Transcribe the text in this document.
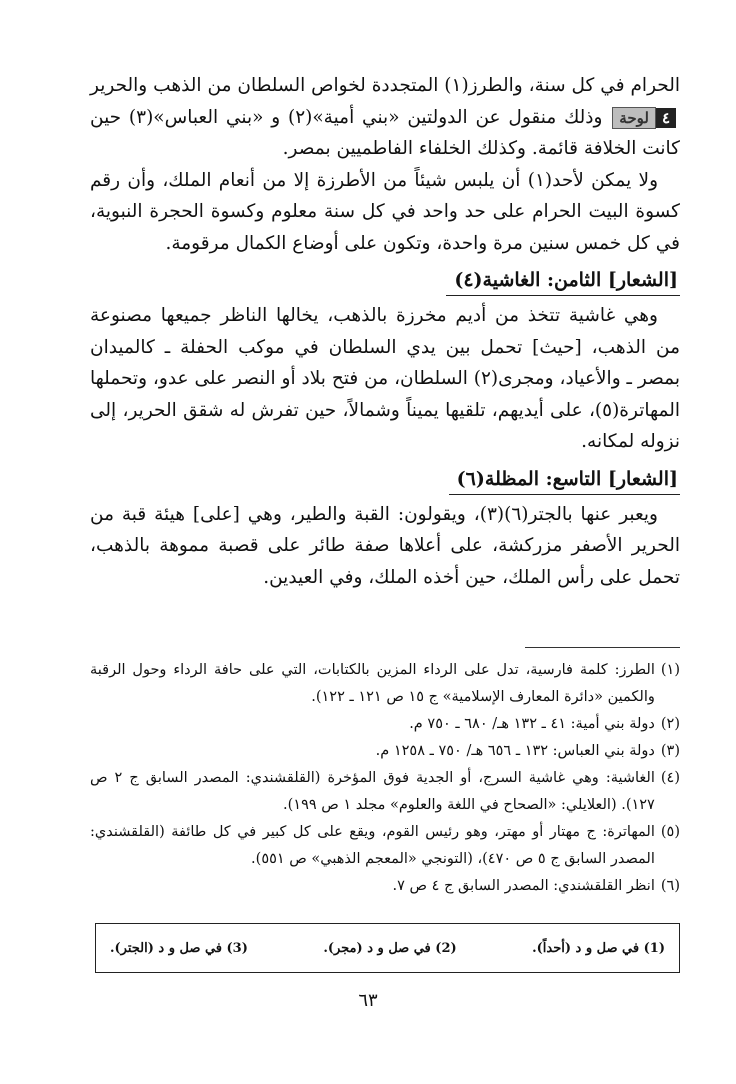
الحرام في كل سنة، والطرز(١) المتجددة لخواص السلطان من الذهب والحرير ٤لوحة وذلك منقول عن الدولتين «بني أمية»(٢) و «بني العباس»(٣) حين كانت الخلافة قائمة. وكذلك الخلفاء الفاطميين بمصر.

ولا يمكن لأحد(١) أن يلبس شيئاً من الأطرزة إلا من أنعام الملك، وأن رقم كسوة البيت الحرام على حد واحد في كل سنة معلوم وكسوة الحجرة النبوية، في كل خمس سنين مرة واحدة، وتكون على أوضاع الكمال مرقومة.

[الشعار] الثامن: الغاشية(٤)

وهي غاشية تتخذ من أديم مخرزة بالذهب، يخالها الناظر جميعها مصنوعة من الذهب، [حيث] تحمل بين يدي السلطان في موكب الحفلة ـ كالميدان بمصر ـ والأعياد، ومجرى(٢) السلطان، من فتح بلاد أو النصر على عدو، وتحملها المهاترة(٥)، على أيديهم، تلقيها يميناً وشمالاً، حين تفرش له شقق الحرير، إلى نزوله لمكانه.

[الشعار] التاسع: المظلة(٦)

ويعبر عنها بالجتر(٦)(٣)، ويقولون: القبة والطير، وهي [على] هيئة قبة من الحرير الأصفر مزركشة، على أعلاها صفة طائر على قصبة مموهة بالذهب، تحمل على رأس الملك، حين أخذه الملك، وفي العيدين.

(١)
الطرز: كلمة فارسية، تدل على الرداء المزين بالكتابات، التي على حافة الرداء وحول الرقبة والكمين «دائرة المعارف الإسلامية» ج ١٥ ص ١٢١ ـ ١٢٢).
(٢)
دولة بني أمية: ٤١ ـ ١٣٢ هـ/ ٦٨٠ ـ ٧٥٠ م.
(٣)
دولة بني العباس: ١٣٢ ـ ٦٥٦ هـ/ ٧٥٠ ـ ١٢٥٨ م.
(٤)
الغاشية: وهي غاشية السرج، أو الجدية فوق المؤخرة (القلقشندي: المصدر السابق ج ٢ ص ١٢٧). (العلايلي: «الصحاح في اللغة والعلوم» مجلد ١ ص ١٩٩).
(٥)
المهاترة: ج مهتار أو مهتر، وهو رئيس القوم، ويقع على كل كبير في كل طائفة (القلقشندي: المصدر السابق ج ٥ ص ٤٧٠)، (التونجي «المعجم الذهبي» ص ٥٥١).
(٦)
انظر القلقشندي: المصدر السابق ج ٤ ص ٧.
(1) في صل و د (أحداً).
(2) في صل و د (مجر).
(3) في صل و د (الجتر).
٦٣
